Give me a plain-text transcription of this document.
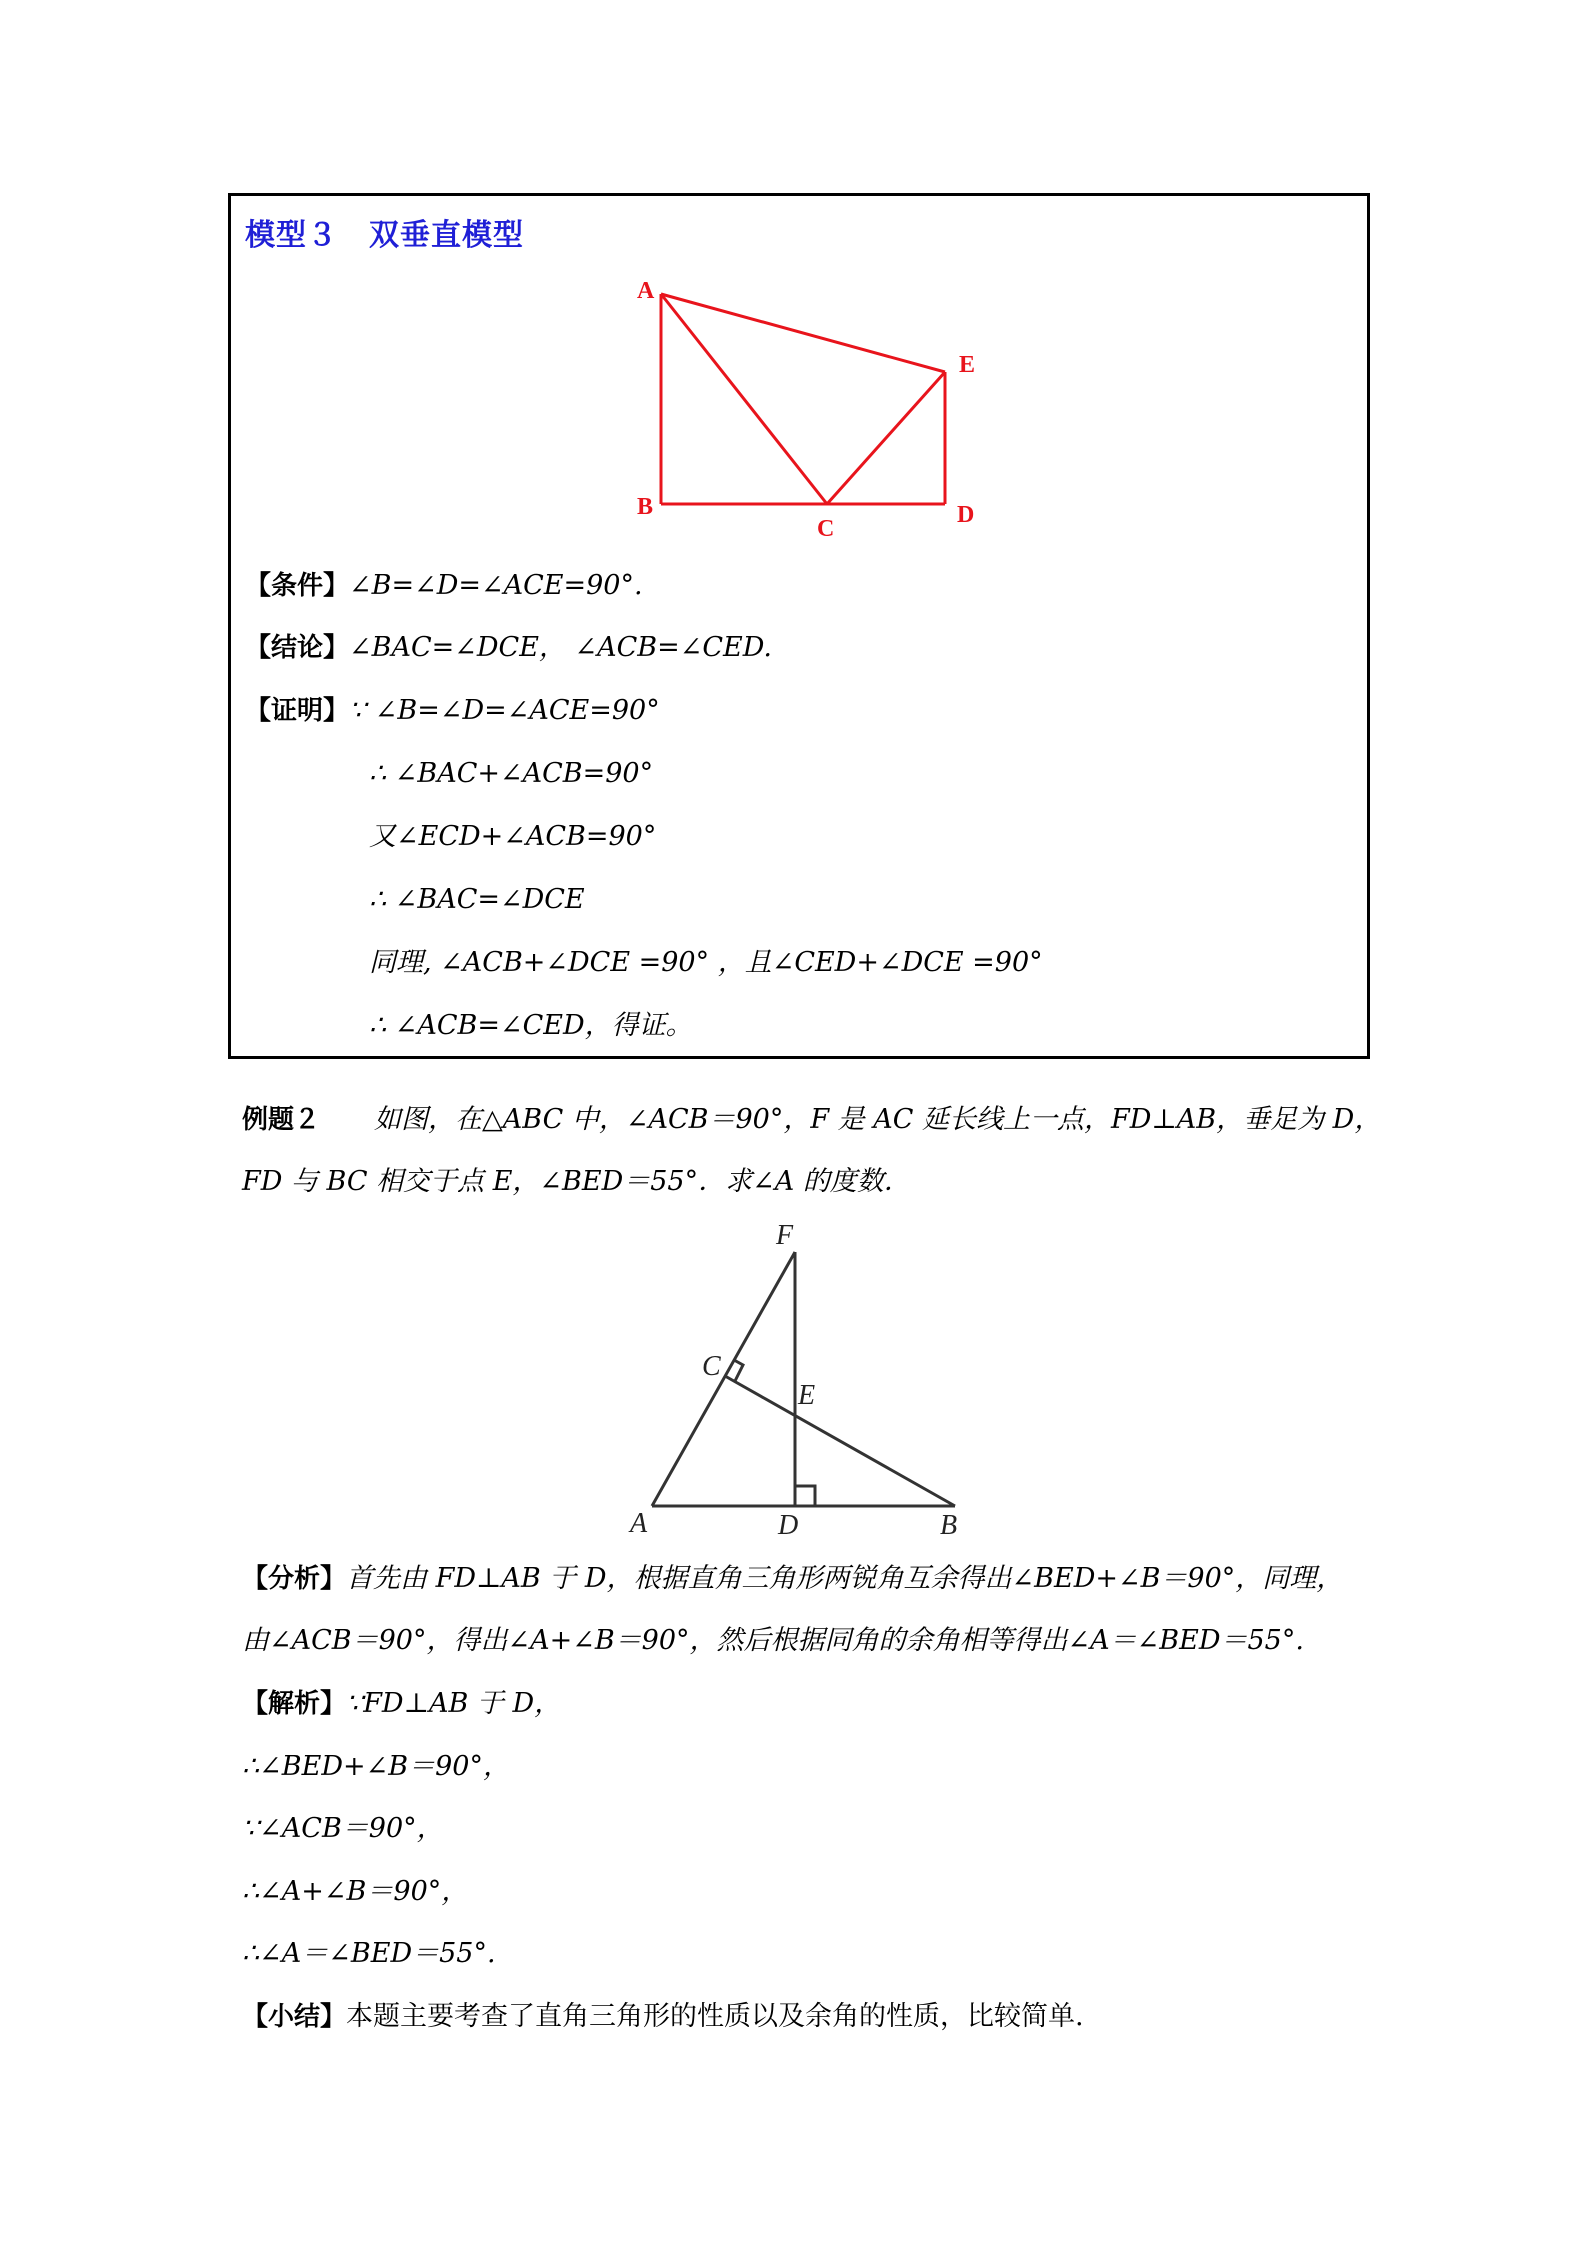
模型３　双垂直模型
A
B
C
D
E
【条件】∠B=∠D=∠ACE=90°.
【结论】∠BAC=∠DCE， ∠ACB=∠CED.
【证明】∵ ∠B=∠D=∠ACE=90°
∴ ∠BAC+∠ACB=90°
又∠ECD+∠ACB=90°
∴ ∠BAC=∠DCE
同理, ∠ACB+∠DCE =90° ，且∠CED+∠DCE =90°
∴ ∠ACB=∠CED，得证。
例题２　　 如图，在△ABC 中，∠ACB＝90°，F 是 AC 延长线上一点，FD⊥AB，垂足为 D，
FD 与 BC 相交于点 E，∠BED＝55°．求∠A 的度数．
F
C
E
A	D	B
【分析】首先由 FD⊥AB 于 D，根据直角三角形两锐角互余得出∠BED+∠B＝90°，同理，
由∠ACB＝90°，得出∠A+∠B＝90°，然后根据同角的余角相等得出∠A＝∠BED＝55°.
【解析】∵FD⊥AB 于 D，
∴∠BED+∠B＝90°，
∵∠ACB＝90°，
∴∠A+∠B＝90°，
∴∠A＝∠BED＝55°.
【小结】本题主要考查了直角三角形的性质以及余角的性质，比较简单.
